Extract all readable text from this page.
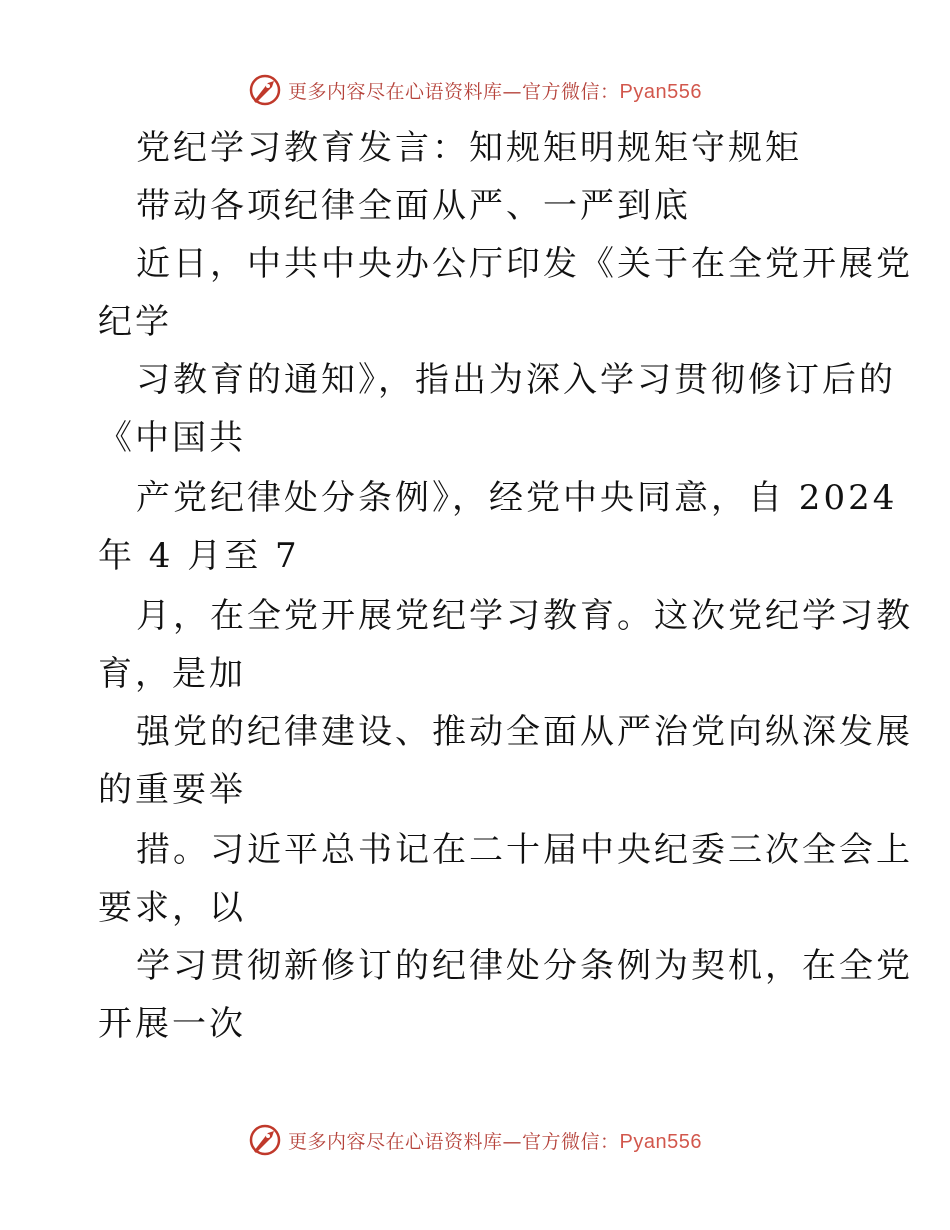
更多内容尽在心语资料库—官方微信：Pyan556
党纪学习教育发言：知规矩明规矩守规矩
带动各项纪律全面从严、一严到底
近日，中共中央办公厅印发《关于在全党开展党
纪学
习教育的通知》，指出为深入学习贯彻修订后的
《中国共
产党纪律处分条例》，经党中央同意，自 2024
年 4 月至 7
月，在全党开展党纪学习教育。这次党纪学习教
育，是加
强党的纪律建设、推动全面从严治党向纵深发展
的重要举
措。习近平总书记在二十届中央纪委三次全会上
要求，以
学习贯彻新修订的纪律处分条例为契机，在全党
开展一次
更多内容尽在心语资料库—官方微信：Pyan556
